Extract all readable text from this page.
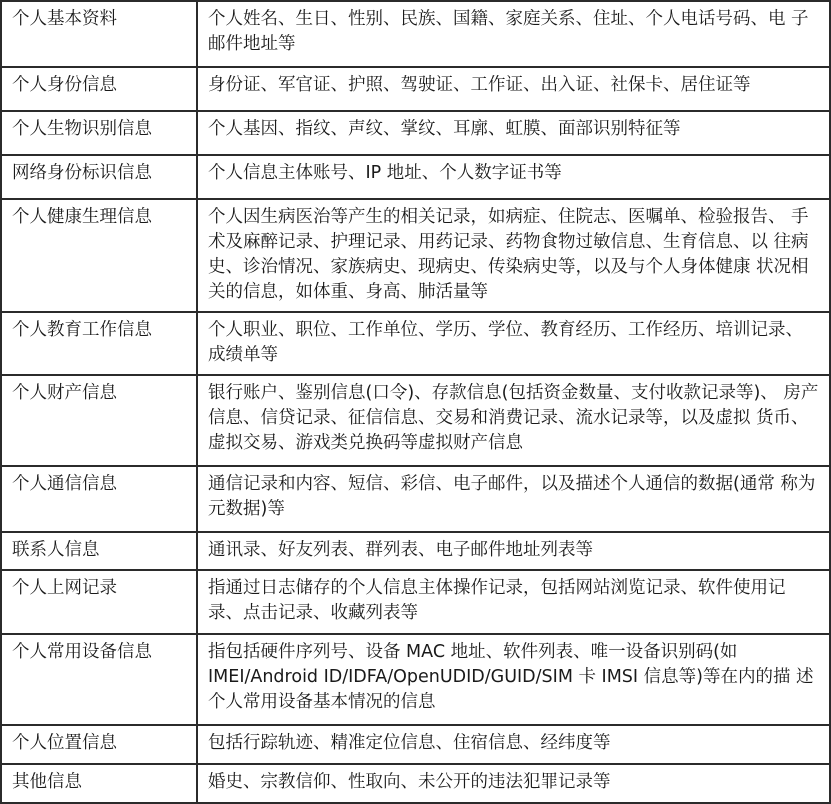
个人基本资料	个人姓名、生日、性别、民族、国籍、家庭关系、住址、个人电话号码、电 子邮件地址等
个人身份信息	身份证、军官证、护照、驾驶证、工作证、出入证、社保卡、居住证等
个人生物识别信息	个人基因、指纹、声纹、掌纹、耳廓、虹膜、面部识别特征等
网络身份标识信息	个人信息主体账号、IP 地址、个人数字证书等
个人健康生理信息	个人因生病医治等产生的相关记录，如病症、住院志、医嘱单、检验报告、 手术及麻醉记录、护理记录、用药记录、药物食物过敏信息、生育信息、以 往病史、诊治情况、家族病史、现病史、传染病史等，以及与个人身体健康 状况相关的信息，如体重、身高、肺活量等
个人教育工作信息	个人职业、职位、工作单位、学历、学位、教育经历、工作经历、培训记录、 成绩单等
个人财产信息	银行账户、鉴别信息(口令)、存款信息(包括资金数量、支付收款记录等)、 房产信息、信贷记录、征信信息、交易和消费记录、流水记录等，以及虚拟 货币、虚拟交易、游戏类兑换码等虚拟财产信息
个人通信信息	通信记录和内容、短信、彩信、电子邮件，以及描述个人通信的数据(通常 称为元数据)等
联系人信息	通讯录、好友列表、群列表、电子邮件地址列表等
个人上网记录	指通过日志储存的个人信息主体操作记录，包括网站浏览记录、软件使用记 录、点击记录、收藏列表等
个人常用设备信息	指包括硬件序列号、设备 MAC 地址、软件列表、唯一设备识别码(如 IMEI/Android ID/IDFA/OpenUDID/GUID/SIM 卡 IMSI 信息等)等在内的描 述个人常用设备基本情况的信息
个人位置信息	包括行踪轨迹、精准定位信息、住宿信息、经纬度等
其他信息	婚史、宗教信仰、性取向、未公开的违法犯罪记录等
